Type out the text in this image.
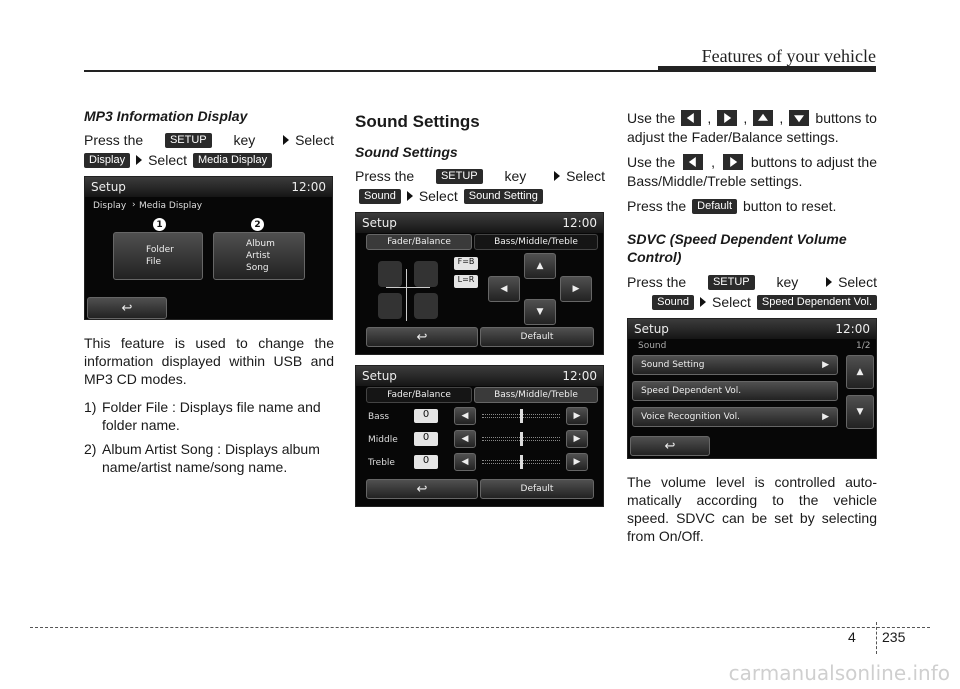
Features of your vehicle
MP3 Information Display
Press the	SETUP	key	Select
Display	Select	Media Display
Setup	12:00
Display › Media Display
1	2
Folder
File
Album
Artist
Song
↩
This feature is used to change the information displayed within USB and MP3 CD modes.
1) Folder File : Displays file name and folder name.
2) Album Artist Song : Displays album name/artist name/song name.
Sound Settings
Sound Settings
Press the	SETUP	key	Select
Sound	Select	Sound Setting
Setup	12:00
Fader/Balance	Bass/Middle/Treble
F=B
L=R
▲
◀	▶
▼
↩	Default
Setup	12:00
Fader/Balance	Bass/Middle/Treble
Bass	0	◀	▶
Middle	0	◀	▶
Treble	0	◀	▶
↩	Default
Use the , , , buttons to
adjust the Fader/Balance settings.
Use the	,	buttons to adjust the
Bass/Middle/Treble settings.
Press the	Default button to reset.
SDVC (Speed Dependent Volume Control)
Press the	SETUP	key	Select
Sound	Select	Speed Dependent Vol.
Setup	12:00
Sound	1/2
Sound Setting	▶
Speed Dependent Vol.
Voice Recognition Vol.	▶
▲
▼
↩
The volume level is controlled auto-matically according to the vehicle speed. SDVC can be set by selecting from On/Off.
4 235
carmanualsonline.info
